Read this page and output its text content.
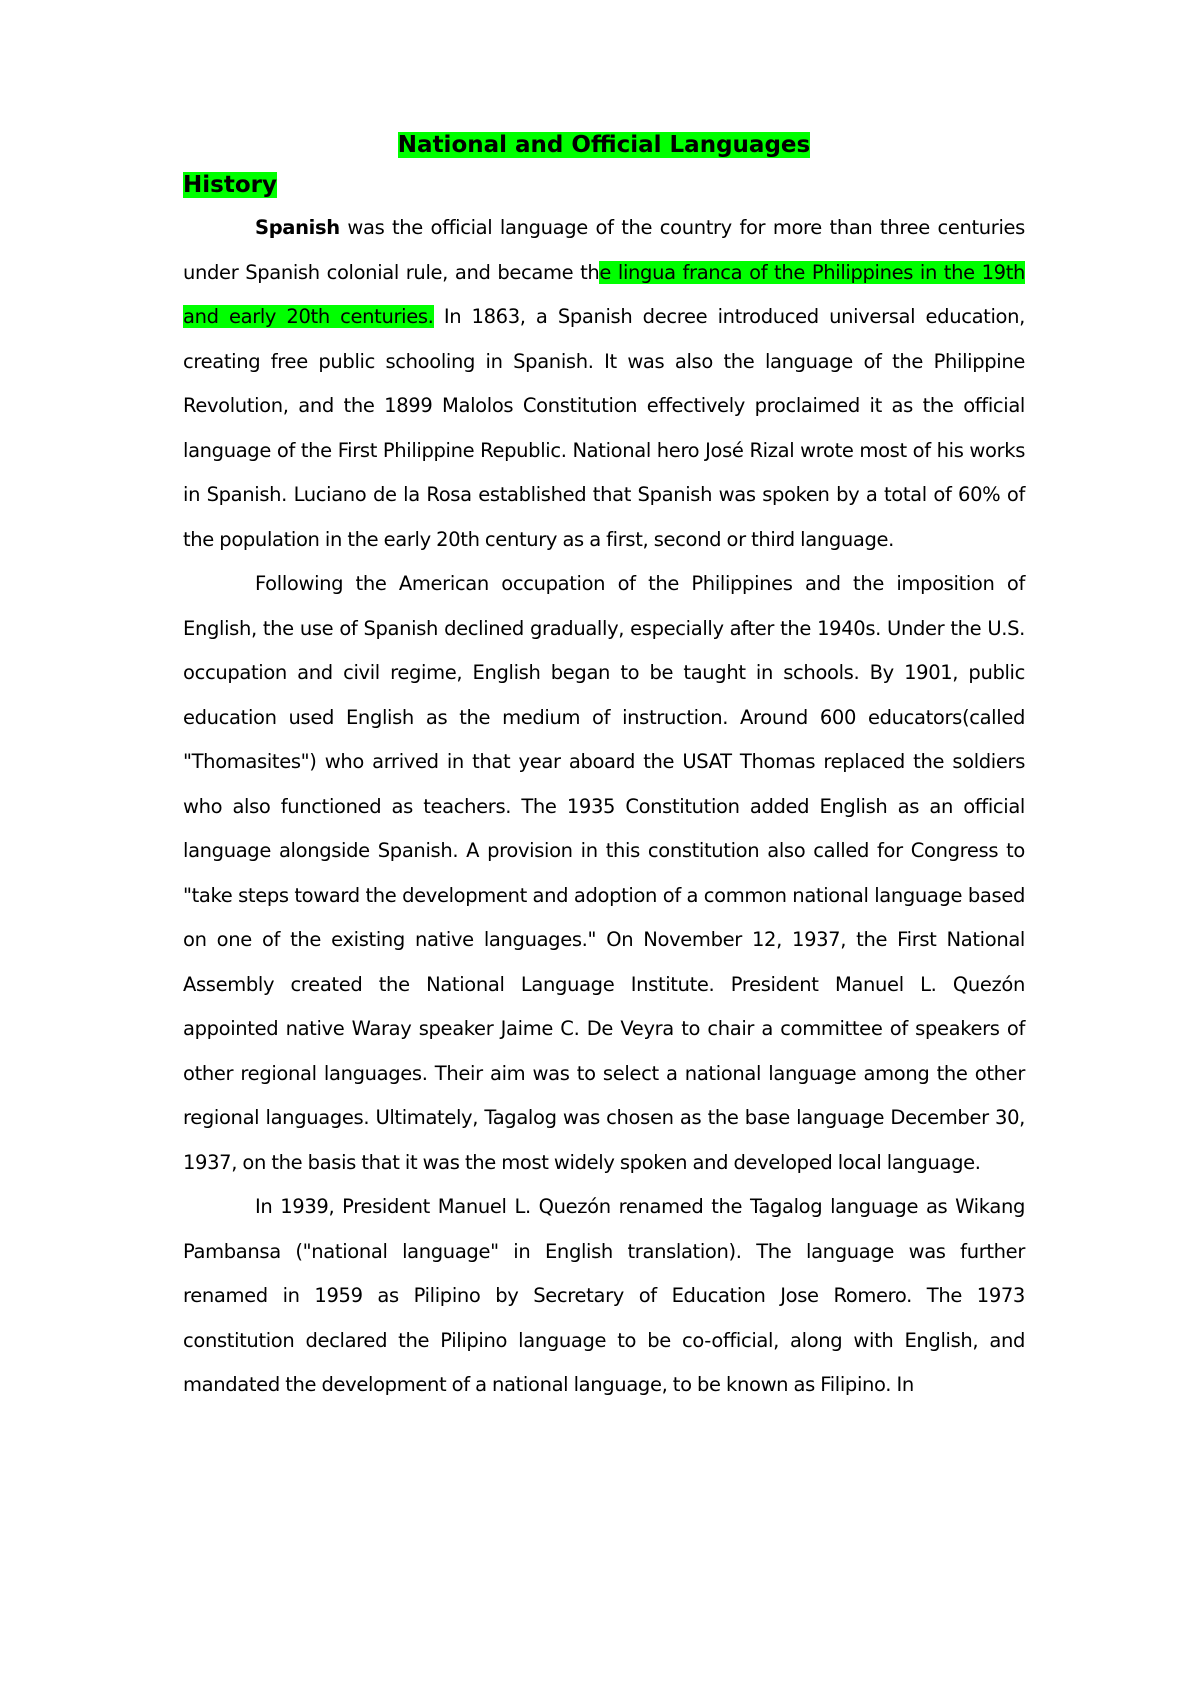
National and Official Languages
History

Spanish was the official language of the country for more than three centuries under Spanish colonial rule, and became the lingua franca of the Philippines in the 19th and early 20th centuries. In 1863, a Spanish decree introduced universal education, creating free public schooling in Spanish. It was also the language of the Philippine Revolution, and the 1899 Malolos Constitution effectively proclaimed it as the official language of the First Philippine Republic. National hero José Rizal wrote most of his works in Spanish. Luciano de la Rosa established that Spanish was spoken by a total of 60% of the population in the early 20th century as a first, second or third language.

Following the American occupation of the Philippines and the imposition of English, the use of Spanish declined gradually, especially after the 1940s. Under the U.S. occupation and civil regime, English began to be taught in schools. By 1901, public education used English as the medium of instruction. Around 600 educators(called "Thomasites") who arrived in that year aboard the USAT Thomas replaced the soldiers who also functioned as teachers. The 1935 Constitution added English as an official language alongside Spanish. A provision in this constitution also called for Congress to "take steps toward the development and adoption of a common national language based on one of the existing native languages." On November 12, 1937, the First National Assembly created the National Language Institute. President Manuel L. Quezón appointed native Waray speaker Jaime C. De Veyra to chair a committee of speakers of other regional languages. Their aim was to select a national language among the other regional languages. Ultimately, Tagalog was chosen as the base language December 30, 1937, on the basis that it was the most widely spoken and developed local language.

In 1939, President Manuel L. Quezón renamed the Tagalog language as Wikang Pambansa ("national language" in English translation). The language was further renamed in 1959 as Pilipino by Secretary of Education Jose Romero. The 1973 constitution declared the Pilipino language to be co-official, along with English, and mandated the development of a national language, to be known as Filipino. In
